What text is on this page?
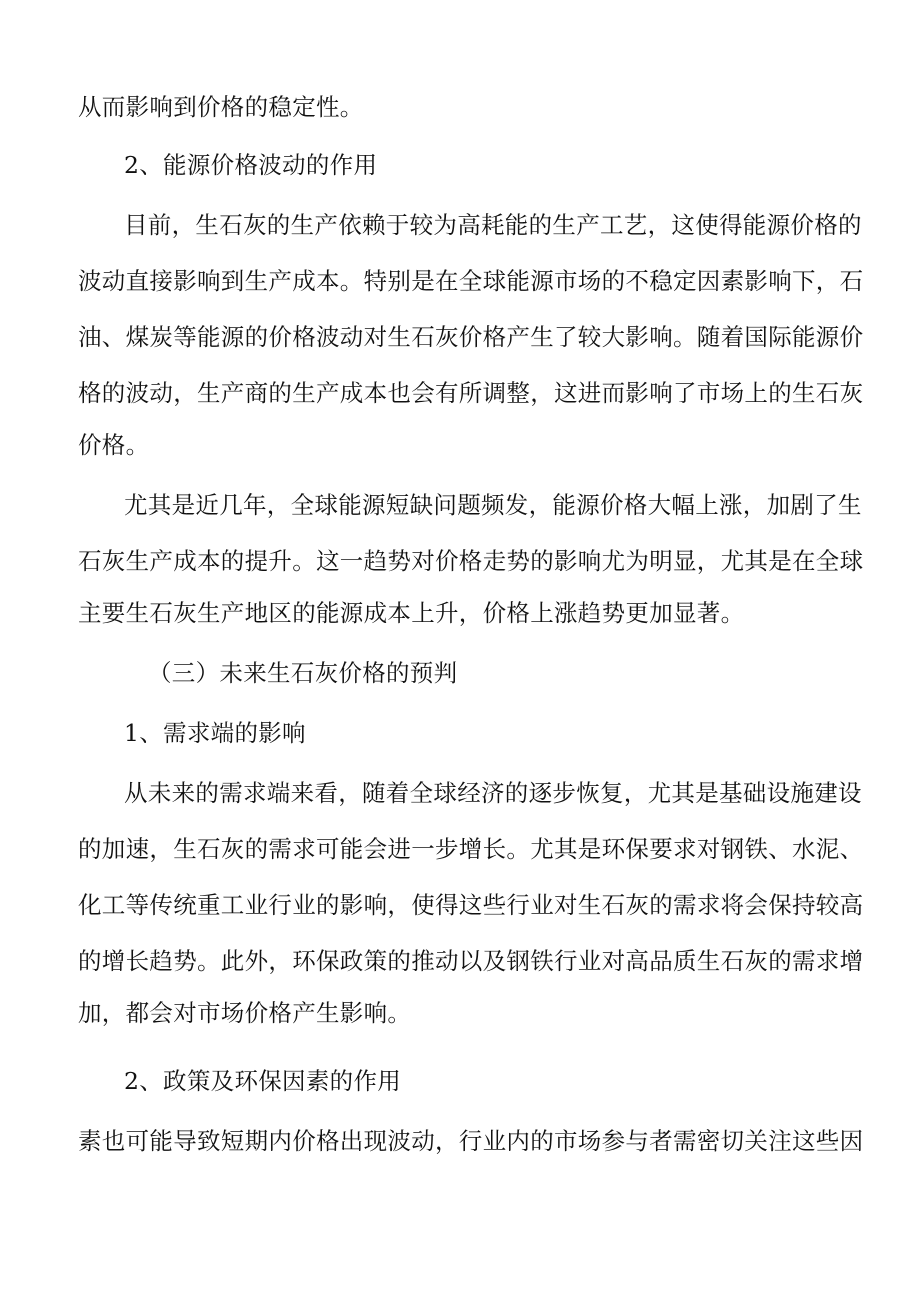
从而影响到价格的稳定性。
2、能源价格波动的作用
目前，生石灰的生产依赖于较为高耗能的生产工艺，这使得能源价格的
波动直接影响到生产成本。特别是在全球能源市场的不稳定因素影响下，石
油、煤炭等能源的价格波动对生石灰价格产生了较大影响。随着国际能源价
格的波动，生产商的生产成本也会有所调整，这进而影响了市场上的生石灰
价格。
尤其是近几年，全球能源短缺问题频发，能源价格大幅上涨，加剧了生
石灰生产成本的提升。这一趋势对价格走势的影响尤为明显，尤其是在全球
主要生石灰生产地区的能源成本上升，价格上涨趋势更加显著。
（三）未来生石灰价格的预判
1、需求端的影响
从未来的需求端来看，随着全球经济的逐步恢复，尤其是基础设施建设
的加速，生石灰的需求可能会进一步增长。尤其是环保要求对钢铁、水泥、
化工等传统重工业行业的影响，使得这些行业对生石灰的需求将会保持较高
的增长趋势。此外，环保政策的推动以及钢铁行业对高品质生石灰的需求增
加，都会对市场价格产生影响。
2、政策及环保因素的作用
素也可能导致短期内价格出现波动，行业内的市场参与者需密切关注这些因
